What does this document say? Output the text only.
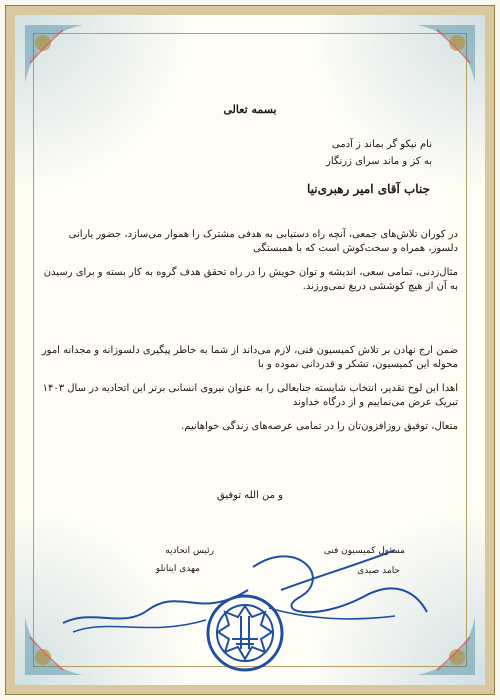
بسمه تعالی
نام نیکو گر بماند ز آدمی
به کز و ماند سرای زرنگار
جناب آقای امیر رهبری‌نیا
در کوران تلاش‌های جمعی، آنچه راه دستیابی به هدفی مشترک را هموار می‌سازد، حضور یارانی دلسوز، همراه و سخت‌کوش است که با همبستگی
مثال‌زدنی، تمامی سعی، اندیشه و توان خویش را در راه تحقق هدف گروه به کار بسته و برای رسیدن به آن از هیچ کوششی دریغ نمی‌ورزند.
ضمن ارج نهادن بر تلاش کمیسیون فنی، لازم می‌داند از شما به خاطر پیگیری دلسوزانه و مجدانه امور محوله این کمیسیون، تشکر و قدردانی نموده و با
اهدا این لوح تقدیر، انتخاب شایسته جنابعالی را به عنوان نیروی انسانی برتر این اتحادیه در سال ۱۴۰۳ تبریک عرض می‌نماییم و از درگاه خداوند
متعال، توفیق روزافزون‌تان را در تمامی عرصه‌های زندگی خواهانیم.
و من الله توفیق
مسئول کمیسیون فنی
حامد صیدی
رئیس اتحادیه
مهدی اینانلو
